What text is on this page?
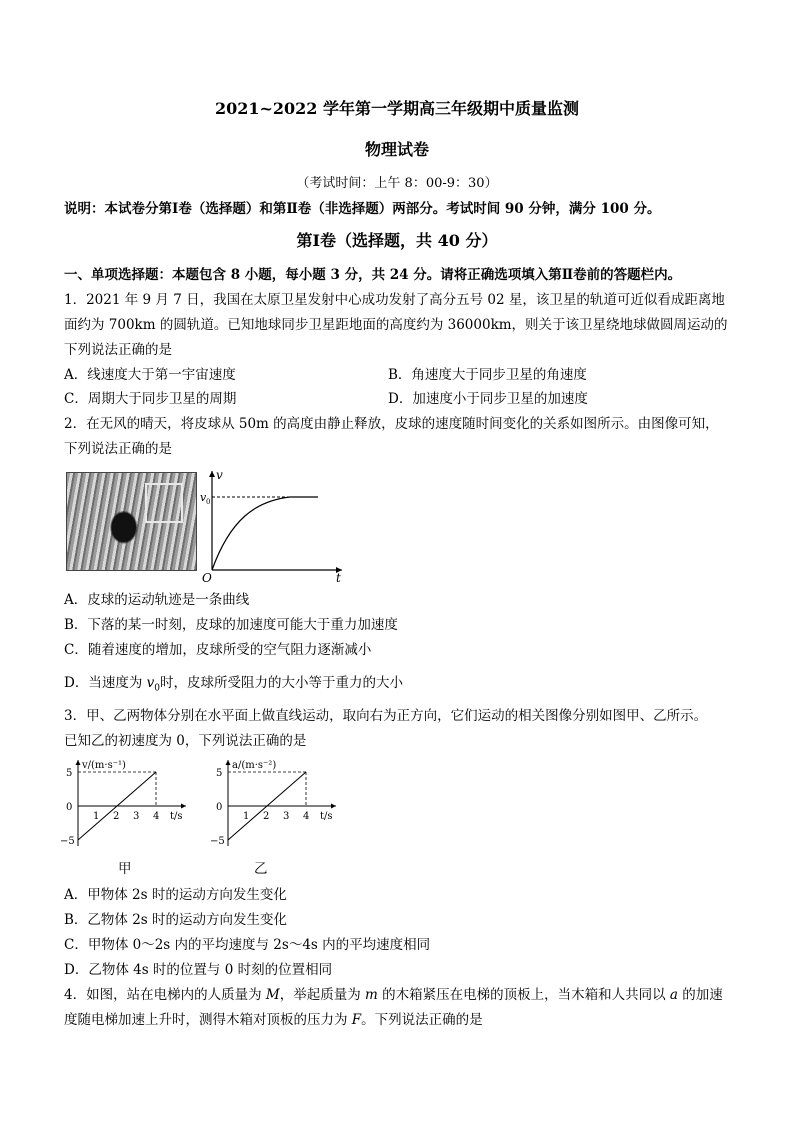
2021~2022 学年第一学期高三年级期中质量监测
物理试卷
（考试时间：上午 8：00-9：30）
说明：本试卷分第Ⅰ卷（选择题）和第Ⅱ卷（非选择题）两部分。考试时间 90 分钟，满分 100 分。
第Ⅰ卷（选择题，共 40 分）
一、单项选择题：本题包含 8 小题，每小题 3 分，共 24 分。请将正确选项填入第Ⅱ卷前的答题栏内。
1．2021 年 9 月 7 日，我国在太原卫星发射中心成功发射了高分五号 02 星，该卫星的轨道可近似看成距离地
面约为 700km 的圆轨道。已知地球同步卫星距地面的高度约为 36000km，则关于该卫星绕地球做圆周运动的
下列说法正确的是
A．线速度大于第一宇宙速度	B．角速度大于同步卫星的角速度
C．周期大于同步卫星的周期	D．加速度小于同步卫星的加速度
2．在无风的晴天，将皮球从 50m 的高度由静止释放，皮球的速度随时间变化的关系如图所示。由图像可知，
下列说法正确的是
v
t
O
v 0
A．皮球的运动轨迹是一条曲线
B．下落的某一时刻，皮球的加速度可能大于重力加速度
C．随着速度的增加，皮球所受的空气阻力逐渐减小
D．当速度为 $v_0$时，皮球所受阻力的大小等于重力的大小
3．甲、乙两物体分别在水平面上做直线运动，取向右为正方向，它们运动的相关图像分别如图甲、乙所示。
已知乙的初速度为 0，下列说法正确的是
v/(m·s⁻¹)
t/s
5
0
−5
1 2 3 4
甲
a/(m·s⁻²)
t/s
5
0
−5
1 2 3 4
乙
A．甲物体 2s 时的运动方向发生变化
B．乙物体 2s 时的运动方向发生变化
C．甲物体 0～2s 内的平均速度与 2s～4s 内的平均速度相同
D．乙物体 4s 时的位置与 0 时刻的位置相同
4．如图，站在电梯内的人质量为 M，举起质量为 m 的木箱紧压在电梯的顶板上，当木箱和人共同以 a 的加速
度随电梯加速上升时，测得木箱对顶板的压力为 F。下列说法正确的是
